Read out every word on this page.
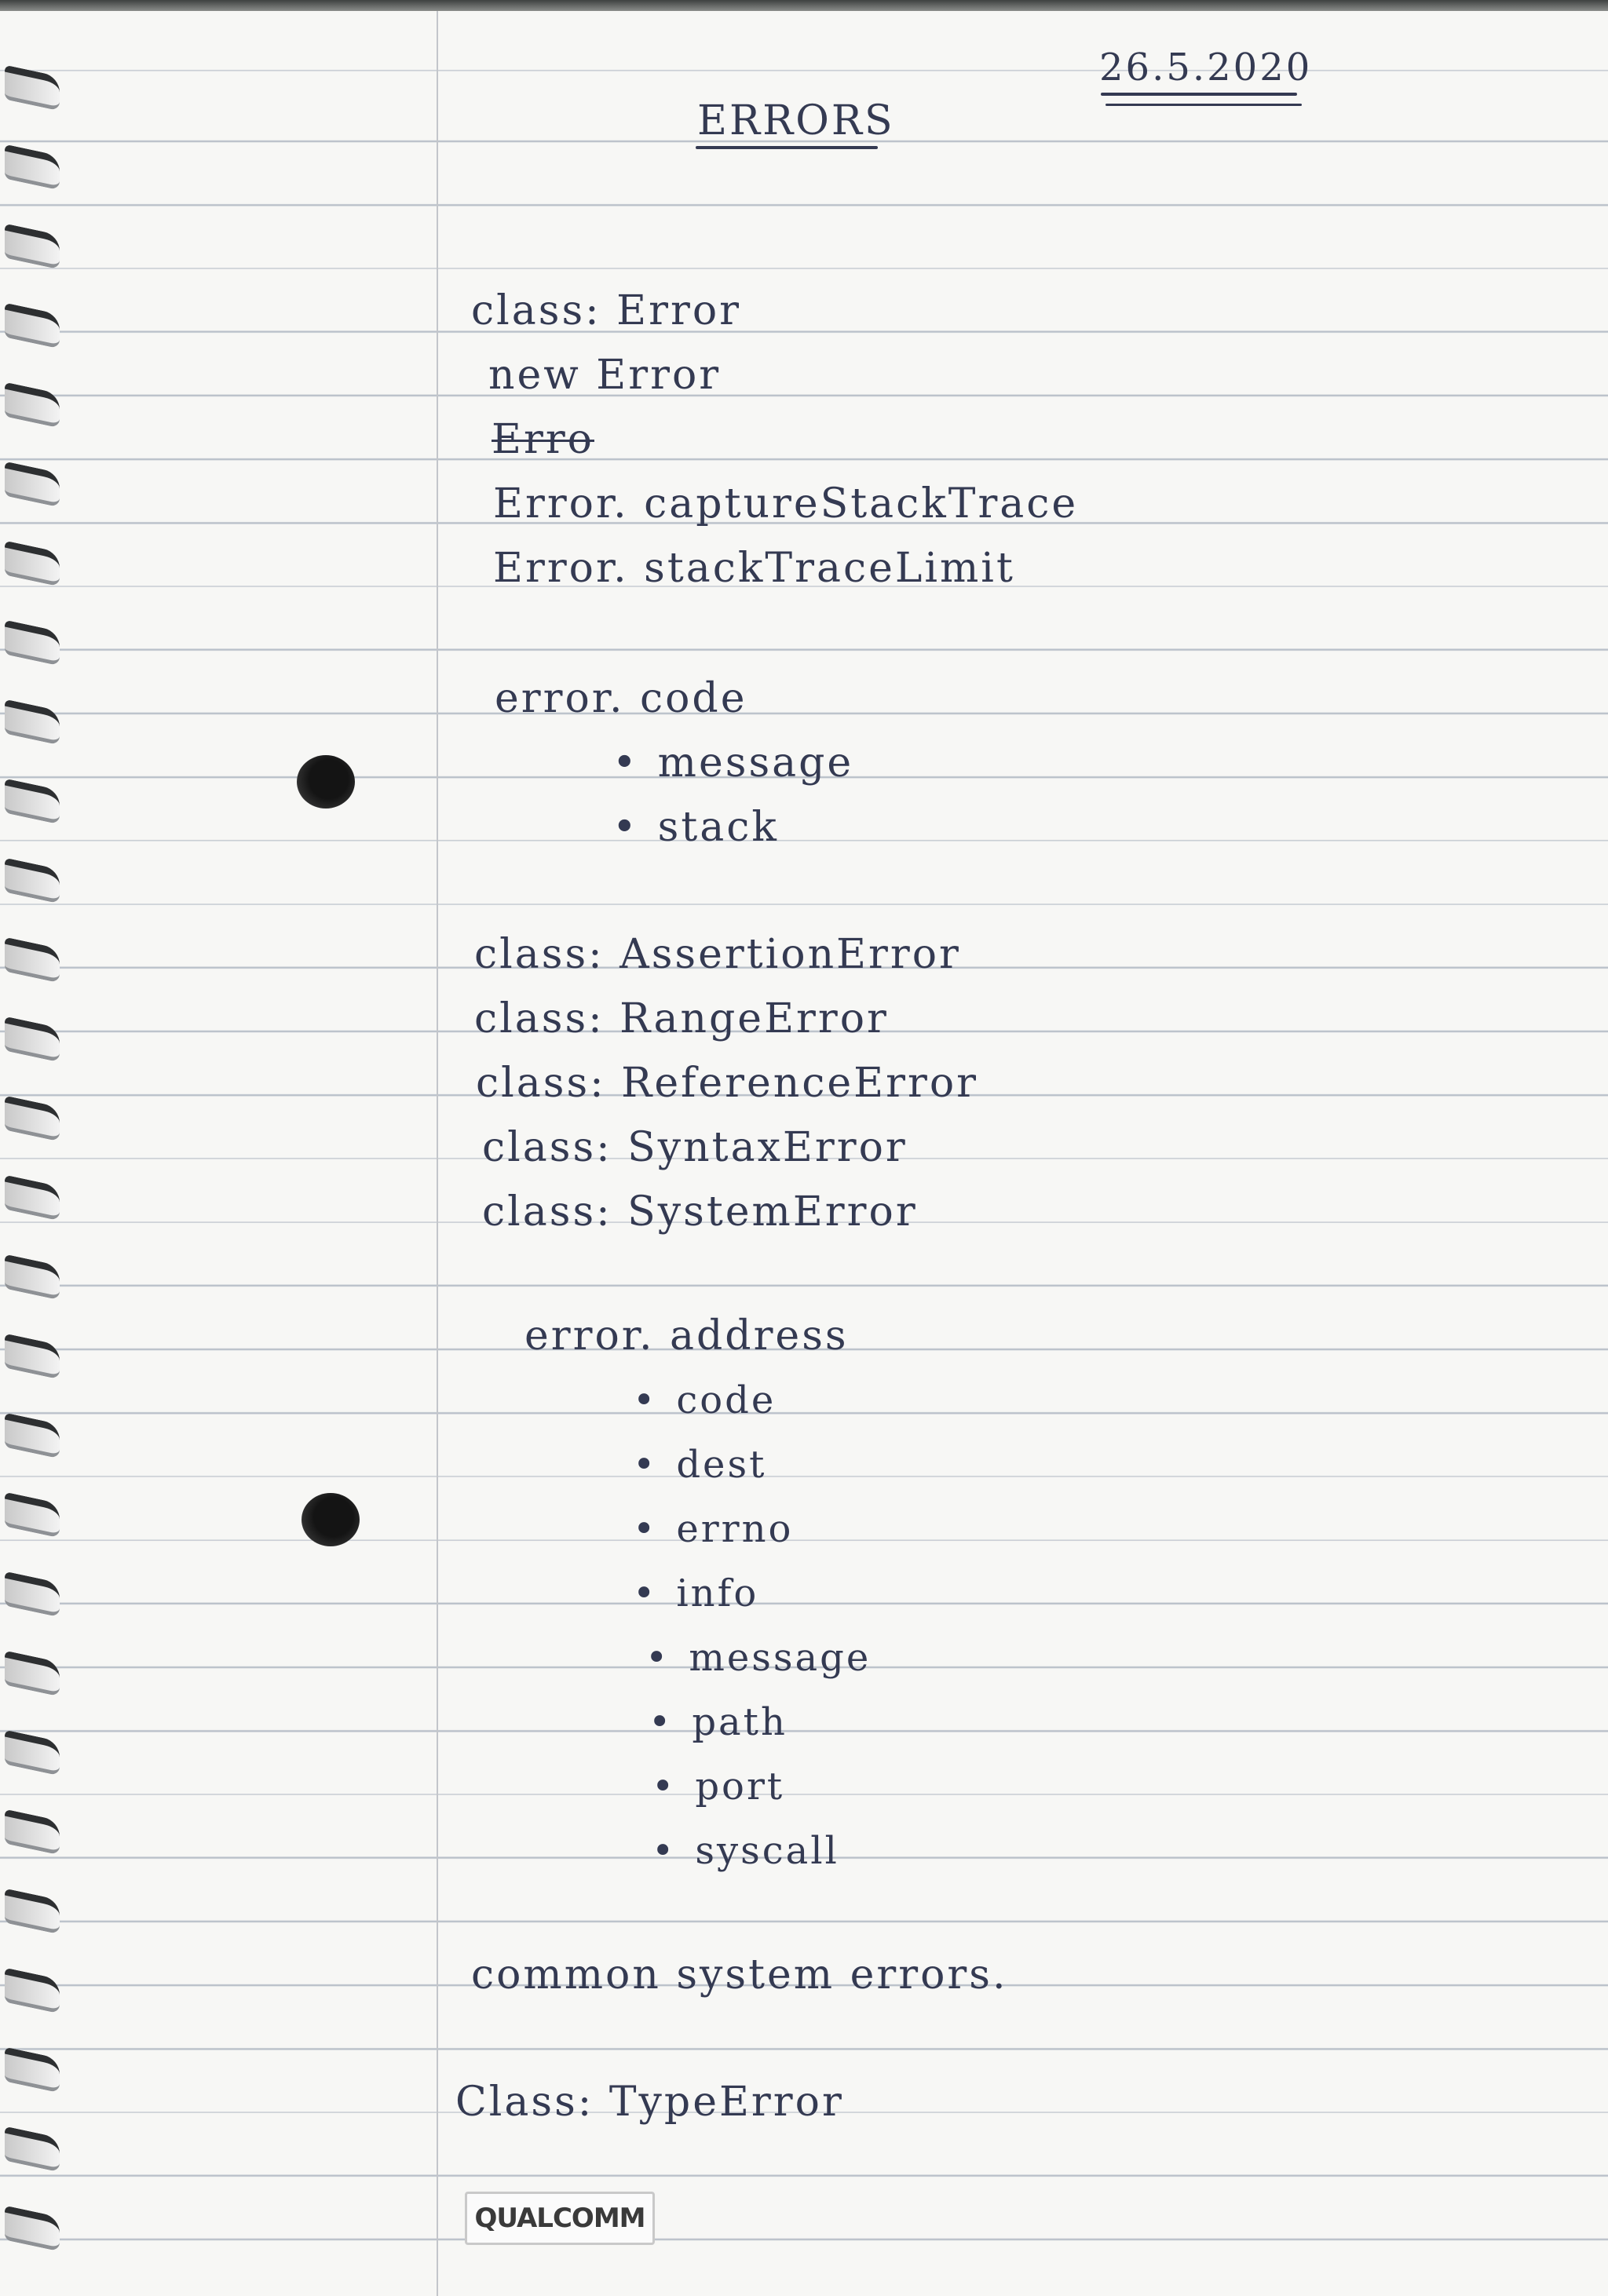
26.5.2020
ERRORS
class: Error
new Error
Erro
Error. captureStackTrace
Error. stackTraceLimit
error. code
• message
• stack
class: AssertionError
class: RangeError
class: ReferenceError
class: SyntaxError
class: SystemError
error. address
• code
• dest
• errno
• info
• message
• path
• port
• syscall
common system errors.
Class: TypeError
QUALCOMM
